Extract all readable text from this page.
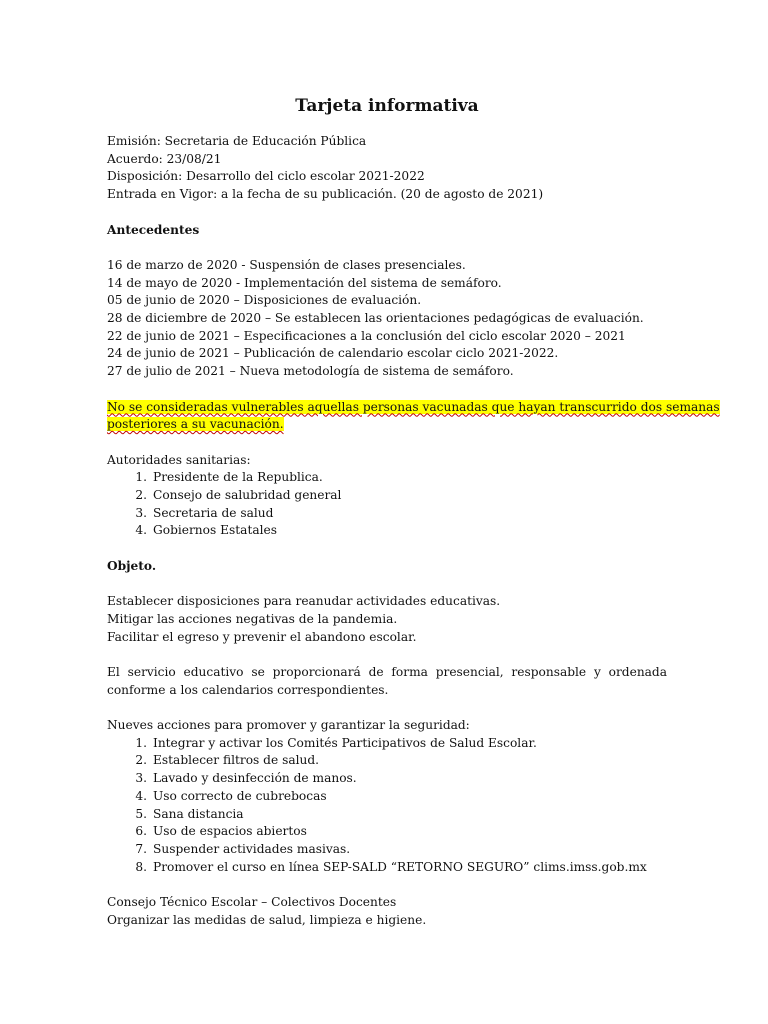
Tarjeta informativa
Emisión: Secretaria de Educación Pública
Acuerdo: 23/08/21
Disposición: Desarrollo del ciclo escolar 2021-2022
Entrada en Vigor: a la fecha de su publicación. (20 de agosto de 2021)
Antecedentes
16 de marzo de 2020 - Suspensión de clases presenciales.
14 de mayo de 2020 - Implementación del sistema de semáforo.
05 de junio de 2020 – Disposiciones de evaluación.
28 de diciembre de 2020 – Se establecen las orientaciones pedagógicas de evaluación.
22 de junio de 2021 – Especificaciones a la conclusión del ciclo escolar 2020 – 2021
24 de junio de 2021 – Publicación de calendario escolar ciclo 2021-2022.
27 de julio de 2021 – Nueva metodología de sistema de semáforo.
No se consideradas vulnerables aquellas personas vacunadas que hayan transcurrido dos semanas
posteriores a su vacunación.
Autoridades sanitarias:
1. Presidente de la Republica.
2. Consejo de salubridad general
3. Secretaria de salud
4. Gobiernos Estatales
Objeto.
Establecer disposiciones para reanudar actividades educativas.
Mitigar las acciones negativas de la pandemia.
Facilitar el egreso y prevenir el abandono escolar.
El servicio educativo se proporcionará de forma presencial, responsable y ordenada conforme a los calendarios correspondientes.
Nueves acciones para promover y garantizar la seguridad:
1. Integrar y activar los Comités Participativos de Salud Escolar.
2. Establecer filtros de salud.
3. Lavado y desinfección de manos.
4. Uso correcto de cubrebocas
5. Sana distancia
6. Uso de espacios abiertos
7. Suspender actividades masivas.
8. Promover el curso en línea SEP-SALD “RETORNO SEGURO” clims.imss.gob.mx
Consejo Técnico Escolar – Colectivos Docentes
Organizar las medidas de salud, limpieza e higiene.
